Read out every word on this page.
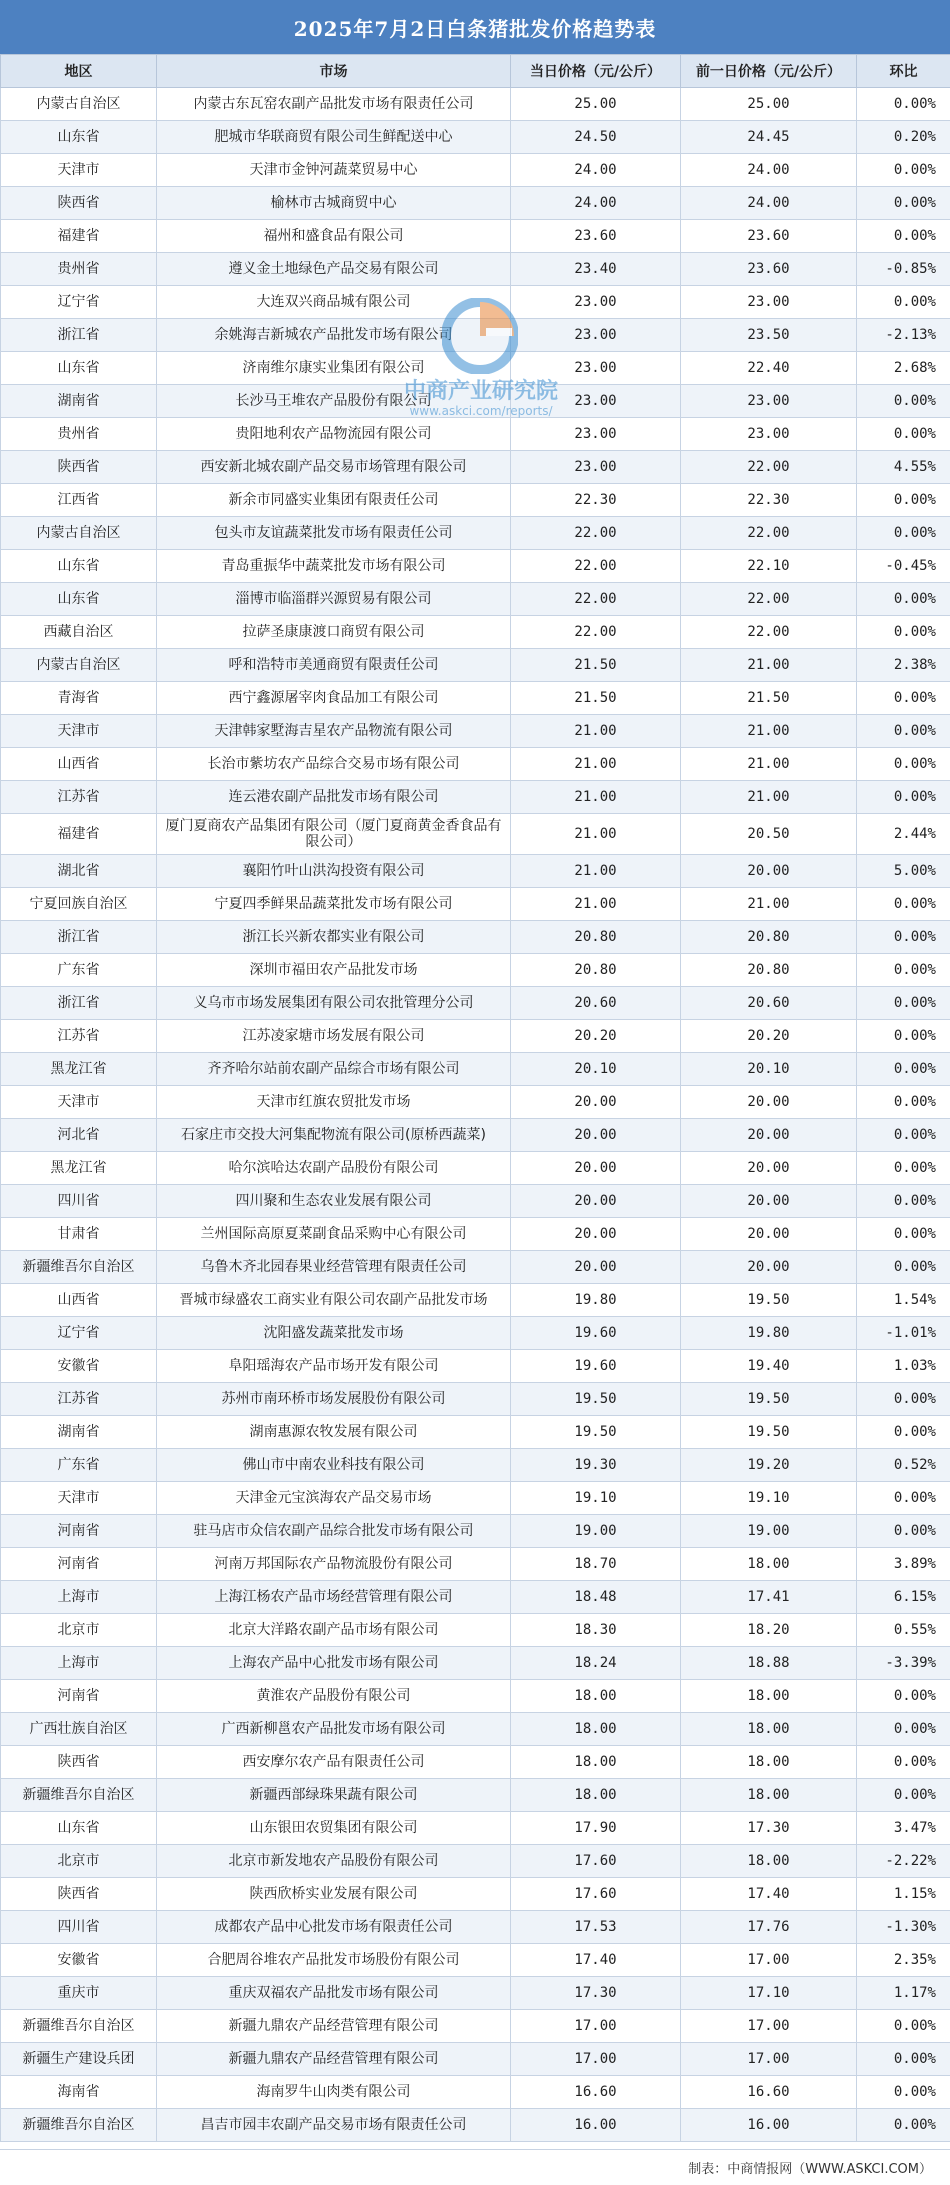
2025年7月2日白条猪批发价格趋势表
地区	市场	当日价格（元/公斤）	前一日价格（元/公斤）	环比
内蒙古自治区	内蒙古东瓦窑农副产品批发市场有限责任公司	25.00	25.00	0.00%
山东省	肥城市华联商贸有限公司生鲜配送中心	24.50	24.45	0.20%
天津市	天津市金钟河蔬菜贸易中心	24.00	24.00	0.00%
陕西省	榆林市古城商贸中心	24.00	24.00	0.00%
福建省	福州和盛食品有限公司	23.60	23.60	0.00%
贵州省	遵义金土地绿色产品交易有限公司	23.40	23.60	-0.85%
辽宁省	大连双兴商品城有限公司	23.00	23.00	0.00%
浙江省	余姚海吉新城农产品批发市场有限公司	23.00	23.50	-2.13%
山东省	济南维尔康实业集团有限公司	23.00	22.40	2.68%
湖南省	长沙马王堆农产品股份有限公司	23.00	23.00	0.00%
贵州省	贵阳地利农产品物流园有限公司	23.00	23.00	0.00%
陕西省	西安新北城农副产品交易市场管理有限公司	23.00	22.00	4.55%
江西省	新余市同盛实业集团有限责任公司	22.30	22.30	0.00%
内蒙古自治区	包头市友谊蔬菜批发市场有限责任公司	22.00	22.00	0.00%
山东省	青岛重振华中蔬菜批发市场有限公司	22.00	22.10	-0.45%
山东省	淄博市临淄群兴源贸易有限公司	22.00	22.00	0.00%
西藏自治区	拉萨圣康康渡口商贸有限公司	22.00	22.00	0.00%
内蒙古自治区	呼和浩特市美通商贸有限责任公司	21.50	21.00	2.38%
青海省	西宁鑫源屠宰肉食品加工有限公司	21.50	21.50	0.00%
天津市	天津韩家墅海吉星农产品物流有限公司	21.00	21.00	0.00%
山西省	长治市紫坊农产品综合交易市场有限公司	21.00	21.00	0.00%
江苏省	连云港农副产品批发市场有限公司	21.00	21.00	0.00%
福建省	厦门夏商农产品集团有限公司（厦门夏商黄金香食品有限公司）	21.00	20.50	2.44%
湖北省	襄阳竹叶山洪沟投资有限公司	21.00	20.00	5.00%
宁夏回族自治区	宁夏四季鲜果品蔬菜批发市场有限公司	21.00	21.00	0.00%
浙江省	浙江长兴新农都实业有限公司	20.80	20.80	0.00%
广东省	深圳市福田农产品批发市场	20.80	20.80	0.00%
浙江省	义乌市市场发展集团有限公司农批管理分公司	20.60	20.60	0.00%
江苏省	江苏凌家塘市场发展有限公司	20.20	20.20	0.00%
黑龙江省	齐齐哈尔站前农副产品综合市场有限公司	20.10	20.10	0.00%
天津市	天津市红旗农贸批发市场	20.00	20.00	0.00%
河北省	石家庄市交投大河集配物流有限公司(原桥西蔬菜)	20.00	20.00	0.00%
黑龙江省	哈尔滨哈达农副产品股份有限公司	20.00	20.00	0.00%
四川省	四川聚和生态农业发展有限公司	20.00	20.00	0.00%
甘肃省	兰州国际高原夏菜副食品采购中心有限公司	20.00	20.00	0.00%
新疆维吾尔自治区	乌鲁木齐北园春果业经营管理有限责任公司	20.00	20.00	0.00%
山西省	晋城市绿盛农工商实业有限公司农副产品批发市场	19.80	19.50	1.54%
辽宁省	沈阳盛发蔬菜批发市场	19.60	19.80	-1.01%
安徽省	阜阳瑶海农产品市场开发有限公司	19.60	19.40	1.03%
江苏省	苏州市南环桥市场发展股份有限公司	19.50	19.50	0.00%
湖南省	湖南惠源农牧发展有限公司	19.50	19.50	0.00%
广东省	佛山市中南农业科技有限公司	19.30	19.20	0.52%
天津市	天津金元宝滨海农产品交易市场	19.10	19.10	0.00%
河南省	驻马店市众信农副产品综合批发市场有限公司	19.00	19.00	0.00%
河南省	河南万邦国际农产品物流股份有限公司	18.70	18.00	3.89%
上海市	上海江杨农产品市场经营管理有限公司	18.48	17.41	6.15%
北京市	北京大洋路农副产品市场有限公司	18.30	18.20	0.55%
上海市	上海农产品中心批发市场有限公司	18.24	18.88	-3.39%
河南省	黄淮农产品股份有限公司	18.00	18.00	0.00%
广西壮族自治区	广西新柳邕农产品批发市场有限公司	18.00	18.00	0.00%
陕西省	西安摩尔农产品有限责任公司	18.00	18.00	0.00%
新疆维吾尔自治区	新疆西部绿珠果蔬有限公司	18.00	18.00	0.00%
山东省	山东银田农贸集团有限公司	17.90	17.30	3.47%
北京市	北京市新发地农产品股份有限公司	17.60	18.00	-2.22%
陕西省	陕西欣桥实业发展有限公司	17.60	17.40	1.15%
四川省	成都农产品中心批发市场有限责任公司	17.53	17.76	-1.30%
安徽省	合肥周谷堆农产品批发市场股份有限公司	17.40	17.00	2.35%
重庆市	重庆双福农产品批发市场有限公司	17.30	17.10	1.17%
新疆维吾尔自治区	新疆九鼎农产品经营管理有限公司	17.00	17.00	0.00%
新疆生产建设兵团	新疆九鼎农产品经营管理有限公司	17.00	17.00	0.00%
海南省	海南罗牛山肉类有限公司	16.60	16.60	0.00%
新疆维吾尔自治区	昌吉市园丰农副产品交易市场有限责任公司	16.00	16.00	0.00%
中商产业研究院
www.askci.com/reports/
制表：中商情报网（WWW.ASKCI.COM）
